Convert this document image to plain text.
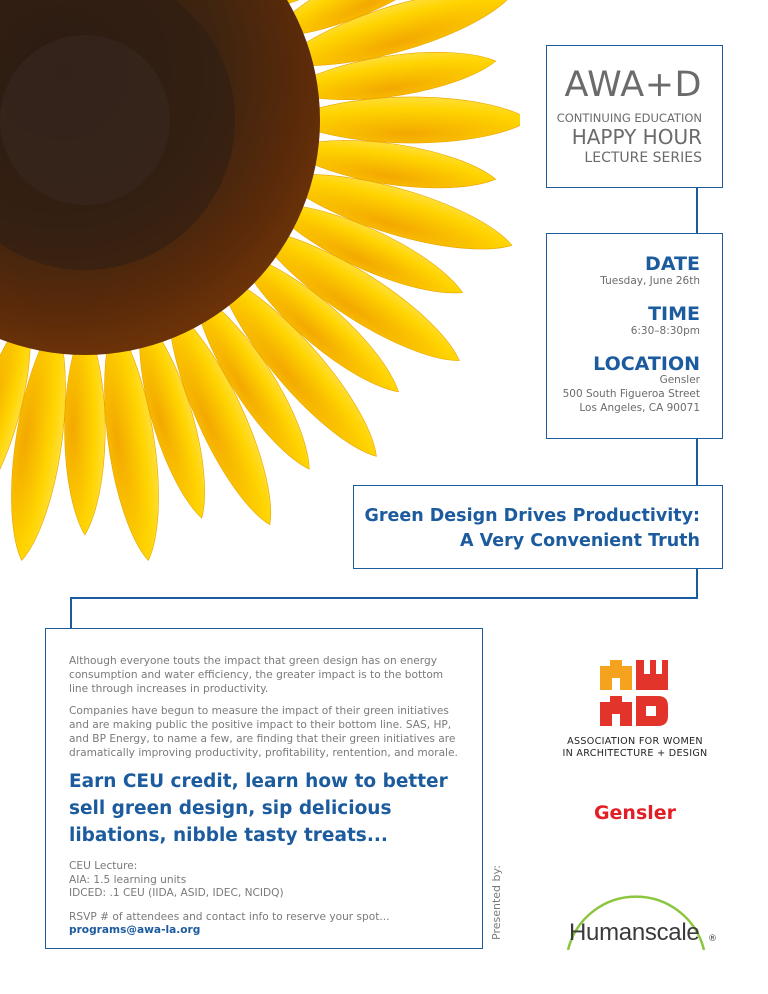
AWA+D
CONTINUING EDUCATION
HAPPY HOUR
LECTURE SERIES
DATE
Tuesday, June 26th
TIME
6:30–8:30pm
LOCATION
Gensler
500 South Figueroa Street
Los Angeles, CA 90071
Green Design Drives Productivity:
A Very Convenient Truth

Although everyone touts the impact that green design has on energy consumption and water efficiency, the greater impact is to the bottom line through increases in productivity.

Companies have begun to measure the impact of their green initiatives and are making public the positive impact to their bottom line. SAS, HP, and BP Energy, to name a few, are finding that their green initiatives are dramatically improving productivity, profitability, rentention, and morale.

Earn CEU credit, learn how to better sell green design, sip delicious libations, nibble tasty treats...
CEU Lecture:
AIA: 1.5 learning units
IDCED: .1 CEU (IIDA, ASID, IDEC, NCIDQ)
RSVP # of attendees and contact info to reserve your spot...
programs@awa-la.org	Presented by:
ASSOCIATION FOR WOMEN
IN ARCHITECTURE + DESIGN
Gensler
Humanscale ®
